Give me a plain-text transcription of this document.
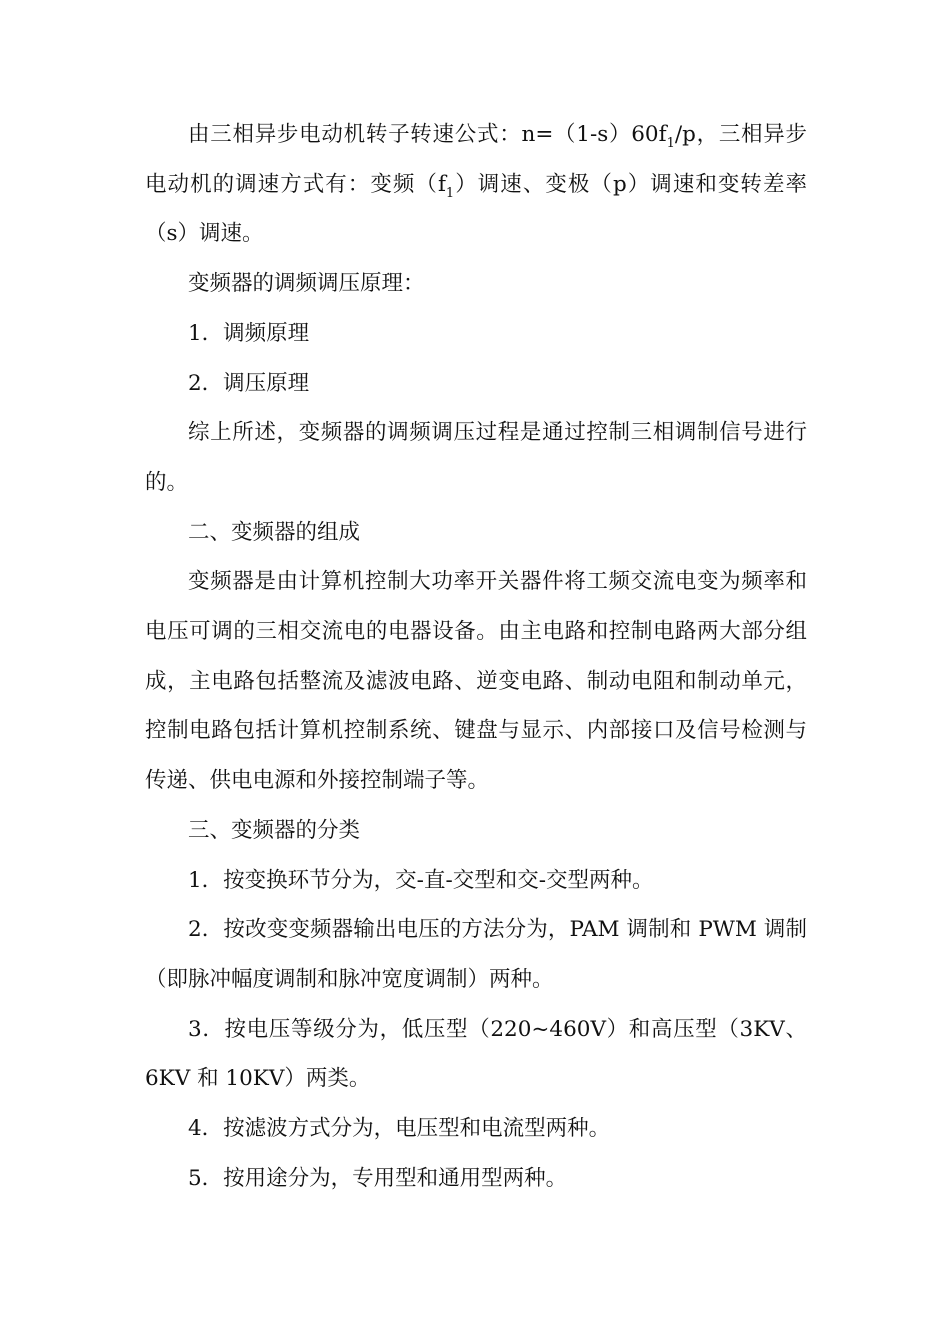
由三相异步电动机转子转速公式：$n=(1-s)60f_1/p$，三相异步电动机的调速方式有：变频$(f_1)$调速、变极（p）调速和变转差率（s）调速。

变频器的调频调压原理：

1．调频原理

2．调压原理

综上所述，变频器的调频调压过程是通过控制三相调制信号进行的。

二、变频器的组成

变频器是由计算机控制大功率开关器件将工频交流电变为频率和电压可调的三相交流电的电器设备。由主电路和控制电路两大部分组成，主电路包括整流及滤波电路、逆变电路、制动电阻和制动单元，控制电路包括计算机控制系统、键盘与显示、内部接口及信号检测与传递、供电电源和外接控制端子等。

三、变频器的分类

1．按变换环节分为，交-直-交型和交-交型两种。

2．按改变变频器输出电压的方法分为，PAM 调制和 PWM 调制（即脉冲幅度调制和脉冲宽度调制）两种。

3．按电压等级分为，低压型（220~460V）和高压型（3KV、6KV 和 10KV）两类。

4．按滤波方式分为，电压型和电流型两种。

5．按用途分为，专用型和通用型两种。
